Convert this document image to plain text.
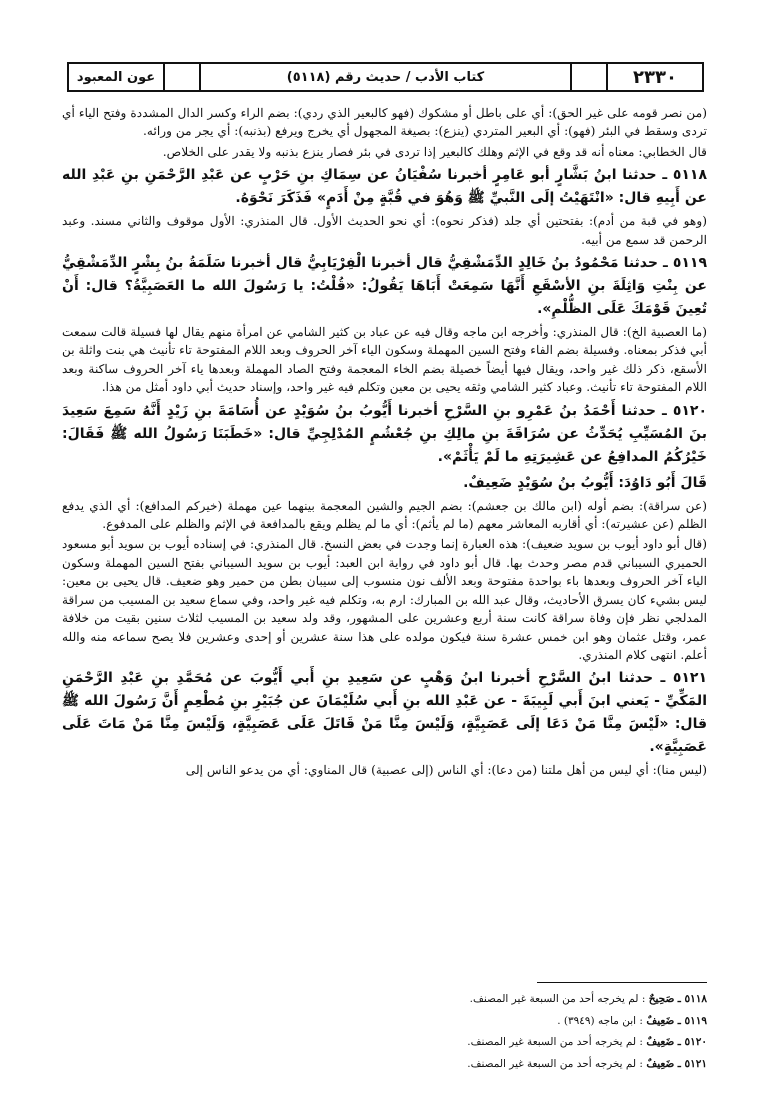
٢٣٣٠
كتاب الأدب / حديث رقم (٥١١٨)
عون المعبود

(من نصر قومه على غير الحق): أي على باطل أو مشكوك (فهو كالبعير الذي ردي): بضم الراء وكسر الدال المشددة وفتح الياء أي تردى وسقط في البئر (فهو): أي البعير المتردي (ينزع): بصيغة المجهول أي يخرج ويرفع (بذنبه): أي يجر من ورائه.

قال الخطابي: معناه أنه قد وقع في الإثم وهلك كالبعير إذا تردى في بئر فصار ينزع بذنبه ولا يقدر على الخلاص.

٥١١٨ ـ حدثنا ابنُ بَشَّارٍ أبو عَامِرٍ أخبرنا سُفْيَانُ عن سِمَاكِ بنِ حَرْبٍ عن عَبْدِ الرَّحْمَنِ بنِ عَبْدِ الله عن أَبِيهِ قال: «انْتَهَيْتُ إلَى النَّبيِّ ﷺ وَهُوَ في قُبَّةٍ مِنْ أَدَمٍ» فَذَكَرَ نَحْوَهُ.

(وهو في قبة من أدم): بفتحتين أي جلد (فذكر نحوه): أي نحو الحديث الأول. قال المنذري: الأول موقوف والثاني مسند. وعبد الرحمن قد سمع من أبيه.

٥١١٩ ـ حدثنا مَحْمُودُ بنُ خَالِدٍ الدِّمَشْقِيُّ قال أخبرنا الْفِرْيَابِيُّ قال أخبرنا سَلَمَةُ بنُ بِشْرٍ الدِّمَشْقِيُّ عن بِنْتِ وَاثِلَةَ بنِ الأسْقَعِ أَنَّهَا سَمِعَتْ أَبَاهَا يَقُولُ: «قُلْتُ: يا رَسُولَ الله ما العَصَبِيَّةُ؟ قال: أَنْ تُعِينَ قَوْمَكَ عَلَى الظُّلْمِ».

(ما العصبية الخ): قال المنذري: وأخرجه ابن ماجه وقال فيه عن عباد بن كثير الشامي عن امرأة منهم يقال لها فسيلة قالت سمعت أبي فذكر بمعناه. وفسيلة بضم الفاء وفتح السين المهملة وسكون الياء آخر الحروف وبعد اللام المفتوحة تاء تأنيث هي بنت واثلة بن الأسقع، ذكر ذلك غير واحد، ويقال فيها أيضاً خصيلة بضم الخاء المعجمة وفتح الصاد المهملة وبعدها ياء آخر الحروف ساكنة وبعد اللام المفتوحة تاء تأنيث. وعباد كثير الشامي وثقه يحيى بن معين وتكلم فيه غير واحد، وإسناد حديث أبي داود أمثل من هذا.

٥١٢٠ ـ حدثنا أَحْمَدُ بنُ عَمْرِو بنِ السَّرْحِ أخبرنا أَيُّوبُ بنُ سُوَيْدٍ عن أُسَامَةَ بنِ زَيْدٍ أَنَّهُ سَمِعَ سَعِيدَ بنَ المُسَيِّبِ يُحَدِّثُ عن سُرَاقَةَ بنِ مالِكِ بنِ جُعْشُمٍ المُدْلِجِيِّ قال: «خَطَبَنَا رَسُولُ الله ﷺ فَقَالَ: خَيْرُكُمُ المدافِعُ عن عَشِيرَتِهِ ما لَمْ يَأْثَمْ».

قَالَ أَبُو دَاوُدَ: أَيُّوبُ بنُ سُوَيْدٍ ضَعِيفٌ.

(عن سراقة): بضم أوله (ابن مالك بن جعشم): بضم الجيم والشين المعجمة بينهما عين مهملة (خيركم المدافع): أي الذي يدفع الظلم (عن عشيرته): أي أقاربه المعاشر معهم (ما لم يأثم): أي ما لم يظلم ويقع بالمدافعة في الإثم والظلم على المدفوع.

(قال أبو داود أيوب بن سويد ضعيف): هذه العبارة إنما وجدت في بعض النسخ. قال المنذري: في إسناده أيوب بن سويد أبو مسعود الحميري السيباني قدم مصر وحدث بها. قال أبو داود في رواية ابن العبد: أيوب بن سويد السيباني بفتح السين المهملة وسكون الياء آخر الحروف وبعدها باء بواحدة مفتوحة وبعد الألف نون منسوب إلى سيبان بطن من حمير وهو ضعيف. قال يحيى بن معين: ليس بشيء كان يسرق الأحاديث، وقال عبد الله بن المبارك: ارم به، وتكلم فيه غير واحد، وفي سماع سعيد بن المسيب من سراقة المدلجي نظر فإن وفاة سراقة كانت سنة أربع وعشرين على المشهور، وقد ولد سعيد بن المسيب لثلاث سنين بقيت من خلافة عمر، وقتل عثمان وهو ابن خمس عشرة سنة فيكون مولده على هذا سنة عشرين أو إحدى وعشرين فلا يصح سماعه منه والله أعلم. انتهى كلام المنذري.

٥١٢١ ـ حدثنا ابنُ السَّرْحِ أخبرنا ابنُ وَهْبٍ عن سَعِيدِ بنِ أَبي أَيُّوبَ عن مُحَمَّدِ بنِ عَبْدِ الرَّحْمَنِ المَكِّيِّ - يَعني ابنَ أَبي لَبِيبَةَ - عن عَبْدِ الله بنِ أَبي سُلَيْمَانَ عن جُبَيْرِ بنِ مُطْعِمٍ أَنَّ رَسُولَ الله ﷺ قال: «لَيْسَ مِنَّا مَنْ دَعَا إلَى عَصَبِيَّةٍ، وَلَيْسَ مِنَّا مَنْ قَاتَلَ عَلَى عَصَبِيَّةٍ، وَلَيْسَ مِنَّا مَنْ مَاتَ عَلَى عَصَبِيَّةٍ».

(ليس منا): أي ليس من أهل ملتنا (من دعا): أي الناس (إلى عصبية) قال المناوي: أي من يدعو الناس إلى

٥١١٨ ـ صَحِيحٌ : لم يخرجه أحد من السبعة غير المصنف.
٥١١٩ ـ ضَعِيفٌ : ابن ماجه (٣٩٤٩) .
٥١٢٠ ـ ضَعِيفٌ : لم يخرجه أحد من السبعة غير المصنف.
٥١٢١ ـ ضَعِيفٌ : لم يخرجه أحد من السبعة غير المصنف.
